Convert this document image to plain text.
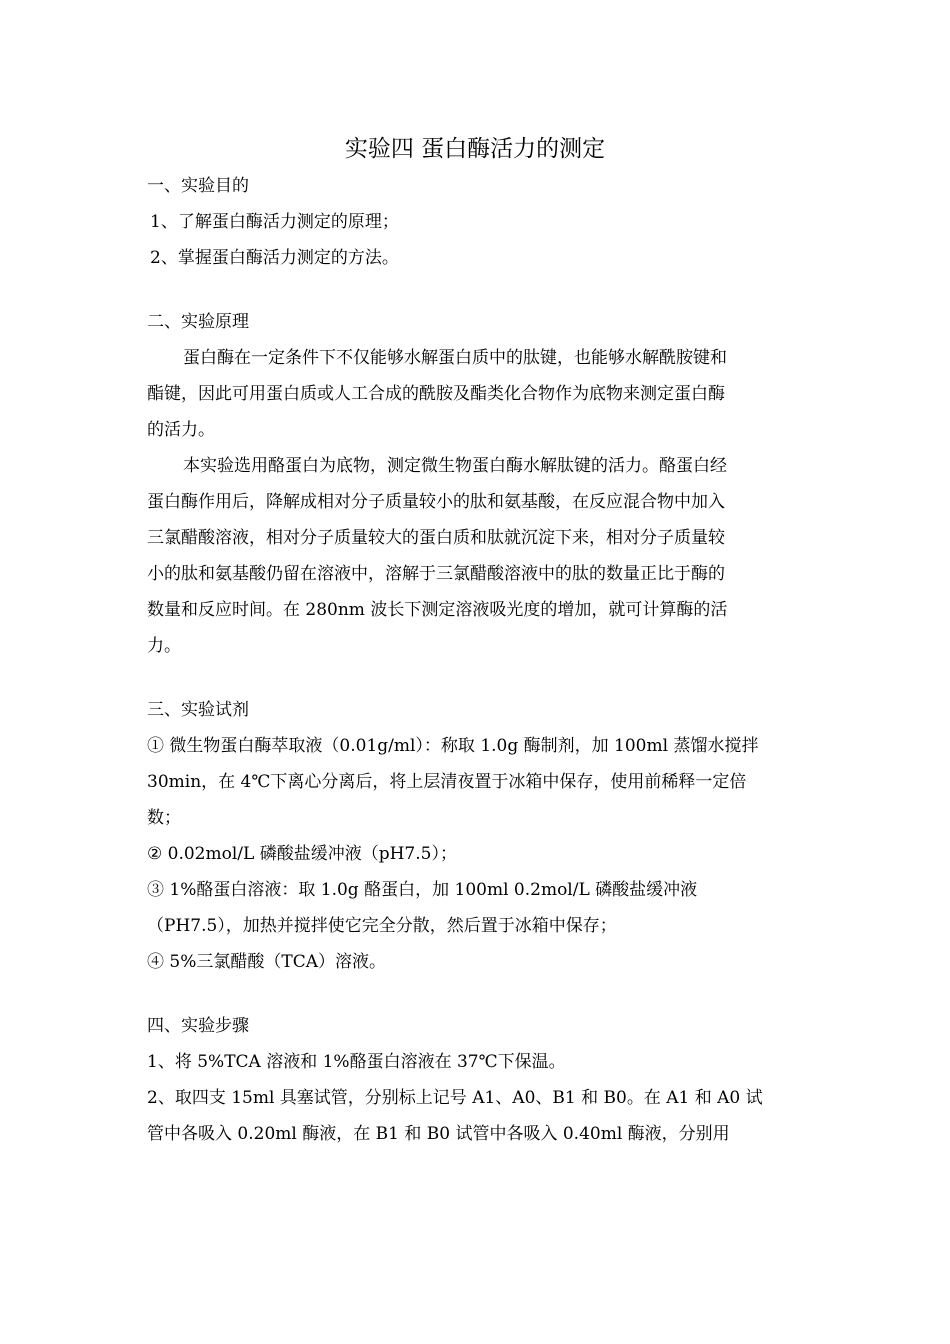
实验四 蛋白酶活力的测定
一、实验目的
1、了解蛋白酶活力测定的原理；
2、掌握蛋白酶活力测定的方法。
二、实验原理
蛋白酶在一定条件下不仅能够水解蛋白质中的肽键，也能够水解酰胺键和
酯键，因此可用蛋白质或人工合成的酰胺及酯类化合物作为底物来测定蛋白酶
的活力。
本实验选用酪蛋白为底物，测定微生物蛋白酶水解肽键的活力。酪蛋白经
蛋白酶作用后，降解成相对分子质量较小的肽和氨基酸，在反应混合物中加入
三氯醋酸溶液，相对分子质量较大的蛋白质和肽就沉淀下来，相对分子质量较
小的肽和氨基酸仍留在溶液中，溶解于三氯醋酸溶液中的肽的数量正比于酶的
数量和反应时间。在 280nm 波长下测定溶液吸光度的增加，就可计算酶的活
力。
三、实验试剂
① 微生物蛋白酶萃取液（0.01g/ml）：称取 1.0g 酶制剂，加 100ml 蒸馏水搅拌
30min，在 4℃下离心分离后，将上层清夜置于冰箱中保存，使用前稀释一定倍
数；
② 0.02mol/L 磷酸盐缓冲液（pH7.5）；
③ 1%酪蛋白溶液：取 1.0g 酪蛋白，加 100ml 0.2mol/L 磷酸盐缓冲液
（PH7.5），加热并搅拌使它完全分散，然后置于冰箱中保存；
④ 5%三氯醋酸（TCA）溶液。
四、实验步骤
1、将 5%TCA 溶液和 1%酪蛋白溶液在 37℃下保温。
2、取四支 15ml 具塞试管，分别标上记号 A1、A0、B1 和 B0。在 A1 和 A0 试
管中各吸入 0.20ml 酶液，在 B1 和 B0 试管中各吸入 0.40ml 酶液，分别用
